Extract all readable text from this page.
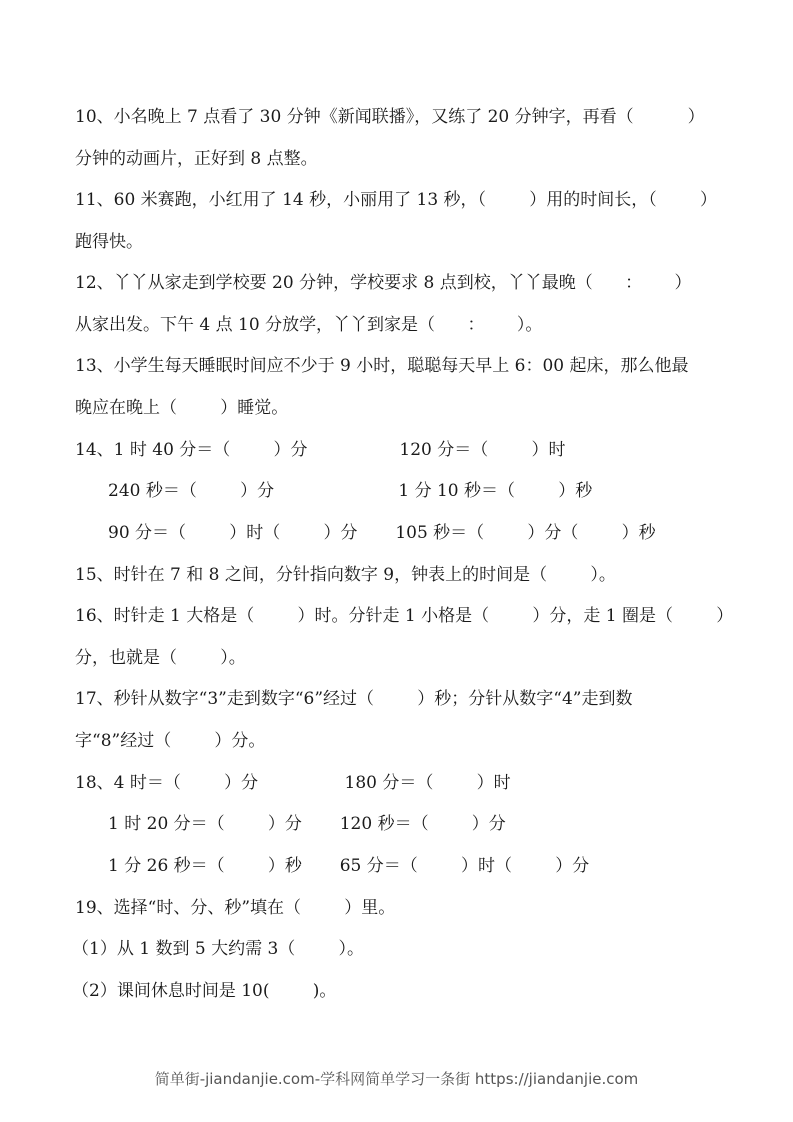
10、小名晚上 7 点看了 30 分钟《新闻联播》，又练了 20 分钟字，再看（          ）
分钟的动画片，正好到 8 点整。
11、60 米赛跑，小红用了 14 秒，小丽用了 13 秒，（        ）用的时间长，（        ）
跑得快。
12、丫丫从家走到学校要 20 分钟，学校要求 8 点到校，丫丫最晚（      ：      ）
从家出发。下午 4 点 10 分放学，丫丫到家是（      ：      ）。
13、小学生每天睡眠时间应不少于 9 小时，聪聪每天早上 6：00 起床，那么他最
晚应在晚上（        ）睡觉。
14、1 时 40 分＝（        ）分                 120 分＝（        ）时
240 秒＝（        ）分                       1 分 10 秒＝（        ）秒
90 分＝（        ）时（        ）分       105 秒＝（        ）分（        ）秒
15、时针在 7 和 8 之间，分针指向数字 9，钟表上的时间是（        ）。
16、时针走 1 大格是（        ）时。分针走 1 小格是（        ）分，走 1 圈是（        ）
分，也就是（        ）。
17、秒针从数字“3”走到数字“6”经过（        ）秒；分针从数字“4”走到数
字“8”经过（        ）分。
18、4 时＝（        ）分                180 分＝（        ）时
1 时 20 分＝（        ）分       120 秒＝（        ）分
1 分 26 秒＝（        ）秒       65 分＝（        ）时（        ）分
19、选择“时、分、秒”填在（        ）里。
（1）从 1 数到 5 大约需 3（        ）。
（2）课间休息时间是 10(        )。
简单街-jiandanjie.com-学科网简单学习一条街 https://jiandanjie.com
